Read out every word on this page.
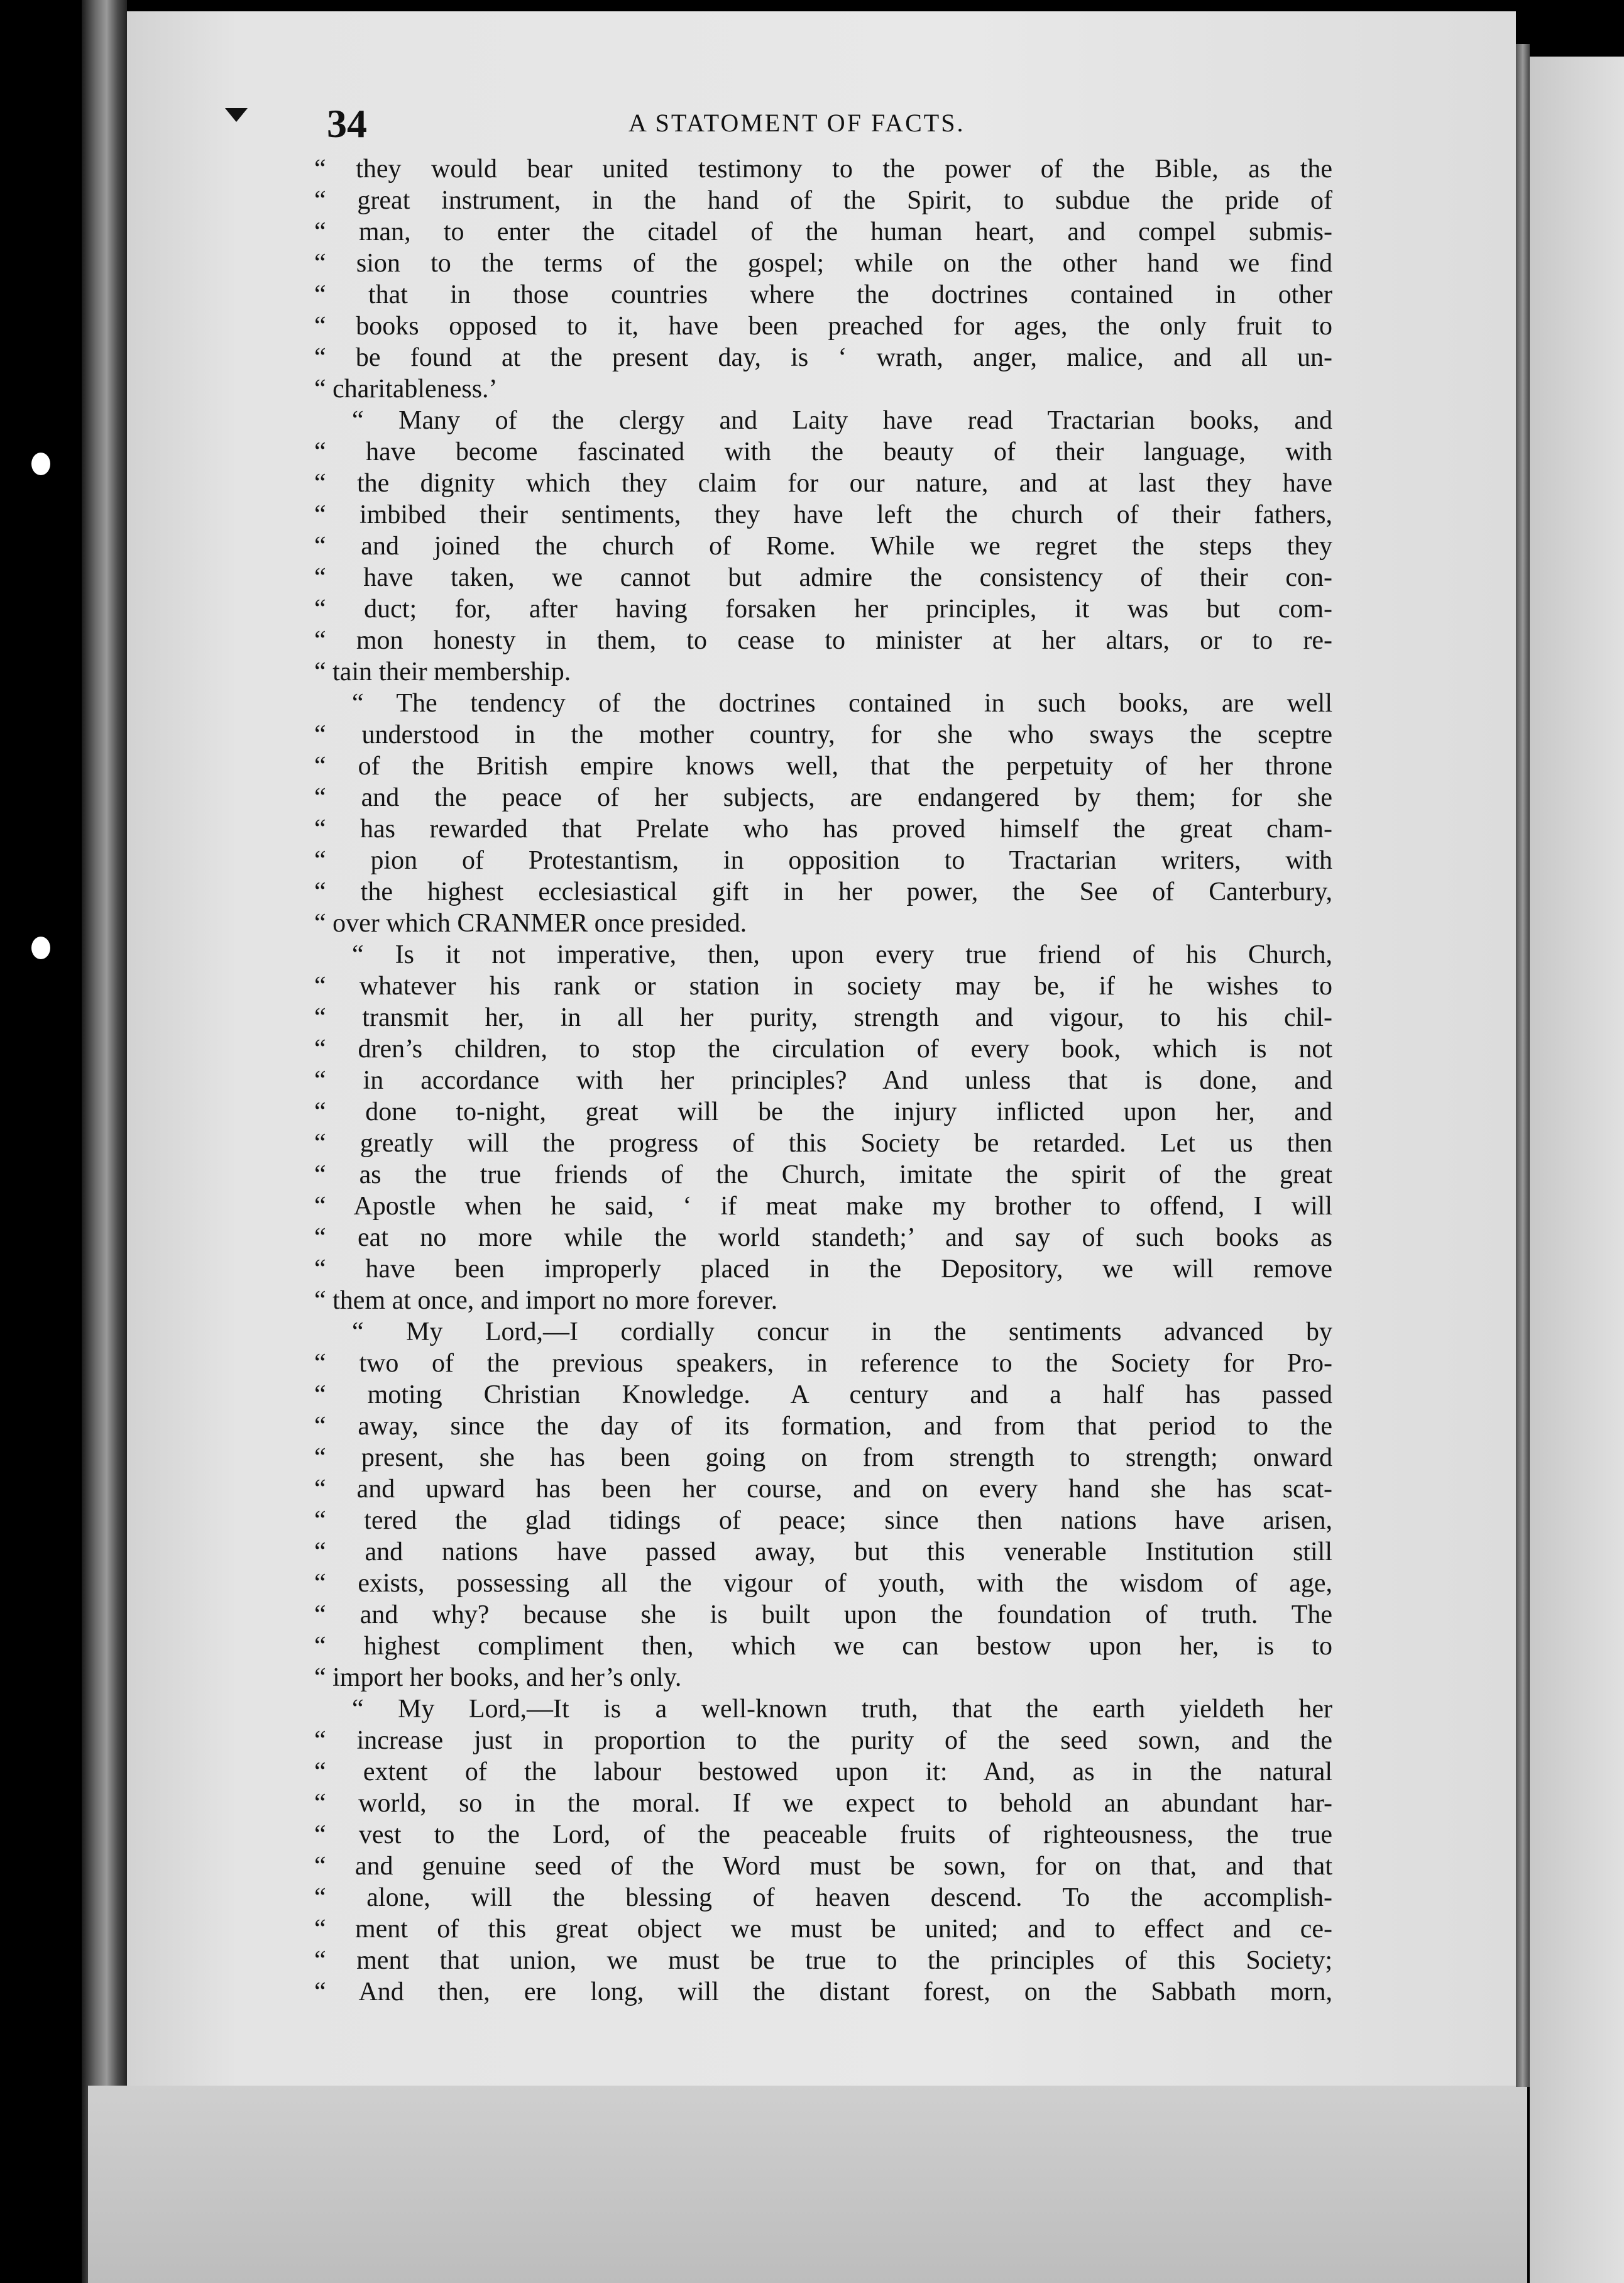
34	A STATOMENT OF FACTS.
“ they would bear united testimony to the power of the Bible, as the
“ great instrument, in the hand of the Spirit, to subdue the pride of
“ man, to enter the citadel of the human heart, and compel submis-
“ sion to the terms of the gospel; while on the other hand we find
“ that in those countries where the doctrines contained in other
“ books opposed to it, have been preached for ages, the only fruit to
“ be found at the present day, is ‘ wrath, anger, malice, and all un-
“ charitableness.’
“ Many of the clergy and Laity have read Tractarian books, and
“ have become fascinated with the beauty of their language, with
“ the dignity which they claim for our nature, and at last they have
“ imbibed their sentiments, they have left the church of their fathers,
“ and joined the church of Rome. While we regret the steps they
“ have taken, we cannot but admire the consistency of their con-
“ duct; for, after having forsaken her principles, it was but com-
“ mon honesty in them, to cease to minister at her altars, or to re-
“ tain their membership.
“ The tendency of the doctrines contained in such books, are well
“ understood in the mother country, for she who sways the sceptre
“ of the British empire knows well, that the perpetuity of her throne
“ and the peace of her subjects, are endangered by them; for she
“ has rewarded that Prelate who has proved himself the great cham-
“ pion of Protestantism, in opposition to Tractarian writers, with
“ the highest ecclesiastical gift in her power, the See of Canterbury,
“ over which CRANMER once presided.
“ Is it not imperative, then, upon every true friend of his Church,
“ whatever his rank or station in society may be, if he wishes to
“ transmit her, in all her purity, strength and vigour, to his chil-
“ dren’s children, to stop the circulation of every book, which is not
“ in accordance with her principles? And unless that is done, and
“ done to-night, great will be the injury inflicted upon her, and
“ greatly will the progress of this Society be retarded. Let us then
“ as the true friends of the Church, imitate the spirit of the great
“ Apostle when he said, ‘ if meat make my brother to offend, I will
“ eat no more while the world standeth;’ and say of such books as
“ have been improperly placed in the Depository, we will remove
“ them at once, and import no more forever.
“ My Lord,—I cordially concur in the sentiments advanced by
“ two of the previous speakers, in reference to the Society for Pro-
“ moting Christian Knowledge. A century and a half has passed
“ away, since the day of its formation, and from that period to the
“ present, she has been going on from strength to strength; onward
“ and upward has been her course, and on every hand she has scat-
“ tered the glad tidings of peace; since then nations have arisen,
“ and nations have passed away, but this venerable Institution still
“ exists, possessing all the vigour of youth, with the wisdom of age,
“ and why? because she is built upon the foundation of truth. The
“ highest compliment then, which we can bestow upon her, is to
“ import her books, and her’s only.
“ My Lord,—It is a well-known truth, that the earth yieldeth her
“ increase just in proportion to the purity of the seed sown, and the
“ extent of the labour bestowed upon it: And, as in the natural
“ world, so in the moral. If we expect to behold an abundant har-
“ vest to the Lord, of the peaceable fruits of righteousness, the true
“ and genuine seed of the Word must be sown, for on that, and that
“ alone, will the blessing of heaven descend. To the accomplish-
“ ment of this great object we must be united; and to effect and ce-
“ ment that union, we must be true to the principles of this Society;
“ And then, ere long, will the distant forest, on the Sabbath morn,
